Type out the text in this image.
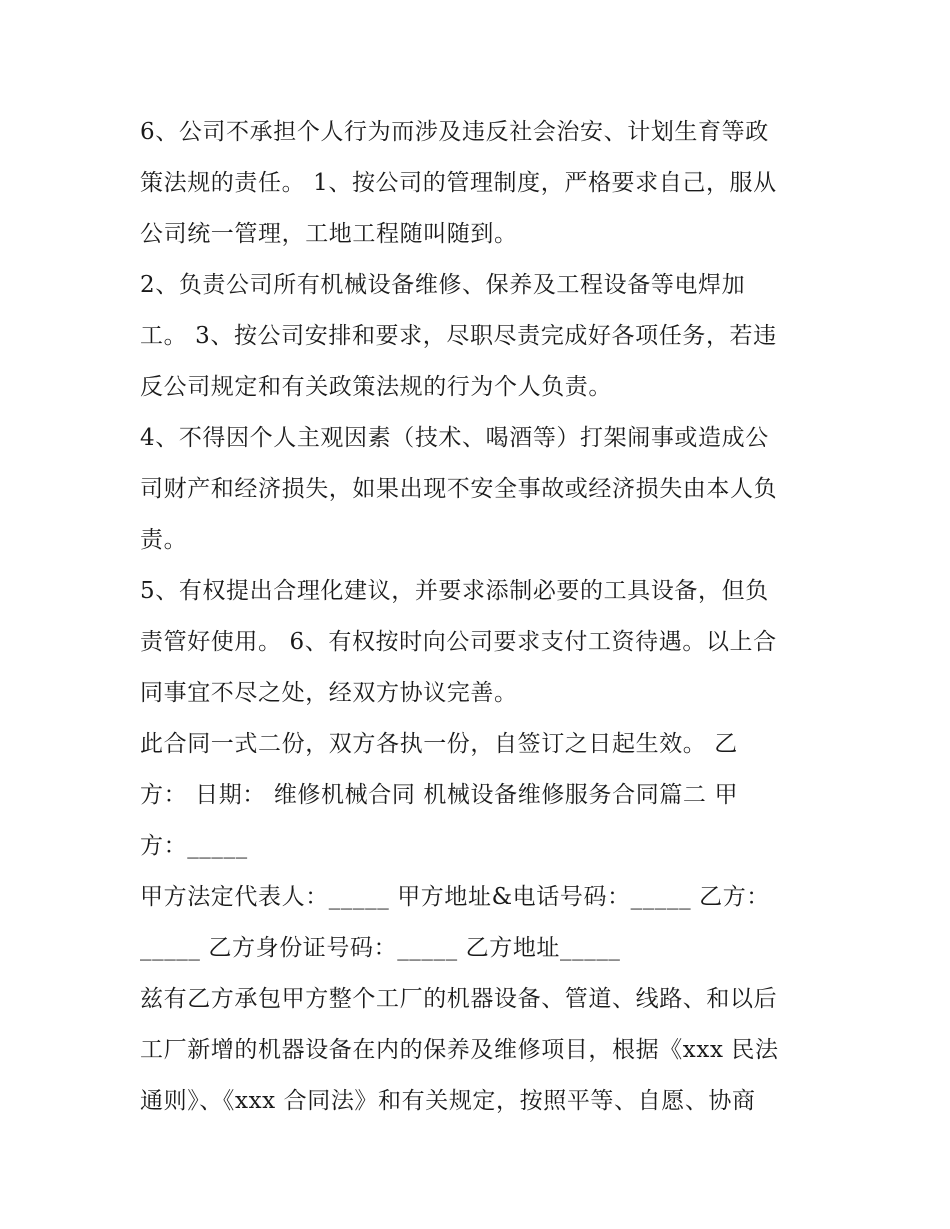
6、公司不承担个人行为而涉及违反社会治安、计划生育等政
策法规的责任。 1、按公司的管理制度，严格要求自己，服从
公司统一管理，工地工程随叫随到。
2、负责公司所有机械设备维修、保养及工程设备等电焊加
工。 3、按公司安排和要求，尽职尽责完成好各项任务，若违
反公司规定和有关政策法规的行为个人负责。
4、不得因个人主观因素（技术、喝酒等）打架闹事或造成公
司财产和经济损失，如果出现不安全事故或经济损失由本人负
责。
5、有权提出合理化建议，并要求添制必要的工具设备，但负
责管好使用。 6、有权按时向公司要求支付工资待遇。以上合
同事宜不尽之处，经双方协议完善。
此合同一式二份，双方各执一份，自签订之日起生效。 乙
方： 日期： 维修机械合同 机械设备维修服务合同篇二 甲
方：_____
甲方法定代表人：_____ 甲方地址&电话号码：_____ 乙方：
_____ 乙方身份证号码：_____ 乙方地址_____
兹有乙方承包甲方整个工厂的机器设备、管道、线路、和以后
工厂新增的机器设备在内的保养及维修项目，根据《xxx 民法
通则》、《xxx 合同法》和有关规定，按照平等、自愿、协商
